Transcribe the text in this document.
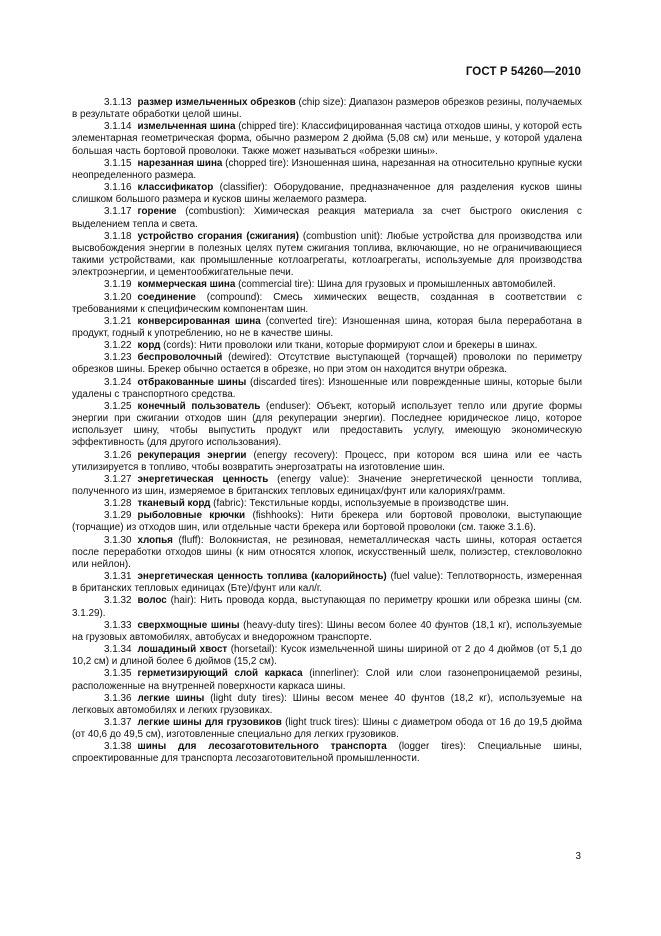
ГОСТ Р 54260—2010

3.1.13 размер измельченных обрезков (chip size): Диапазон размеров обрезков резины, получаемых в результате обработки целой шины.

3.1.14 измельченная шина (chipped tire): Классифицированная частица отходов шины, у которой есть элементарная геометрическая форма, обычно размером 2 дюйма (5,08 см) или меньше, у которой удалена большая часть бортовой проволоки. Также может называться «обрезки шины».

3.1.15 нарезанная шина (chopped tire): Изношенная шина, нарезанная на относительно крупные куски неопределенного размера.

3.1.16 классификатор (classifier): Оборудование, предназначенное для разделения кусков шины слишком большого размера и кусков шины желаемого размера.

3.1.17 горение (combustion): Химическая реакция материала за счет быстрого окисления с выделением тепла и света.

3.1.18 устройство сгорания (сжигания) (combustion unit): Любые устройства для производства или высвобождения энергии в полезных целях путем сжигания топлива, включающие, но не ограничивающиеся такими устройствами, как промышленные котлоагрегаты, котлоагрегаты, используемые для производства электроэнергии, и цементообжигательные печи.

3.1.19 коммерческая шина (commercial tire): Шина для грузовых и промышленных автомобилей.

3.1.20 соединение (compound): Смесь химических веществ, созданная в соответствии с требованиями к специфическим компонентам шин.

3.1.21 конверсированная шина (converted tire): Изношенная шина, которая была переработана в продукт, годный к употреблению, но не в качестве шины.

3.1.22 корд (cords): Нити проволоки или ткани, которые формируют слои и брекеры в шинах.

3.1.23 беспроволочный (dewired): Отсутствие выступающей (торчащей) проволоки по периметру обрезков шины. Брекер обычно остается в обрезке, но при этом он находится внутри обрезка.

3.1.24 отбракованные шины (discarded tires): Изношенные или поврежденные шины, которые были удалены с транспортного средства.

3.1.25 конечный пользователь (enduser): Объект, который использует тепло или другие формы энергии при сжигании отходов шин (для рекуперации энергии). Последнее юридическое лицо, которое использует шину, чтобы выпустить продукт или предоставить услугу, имеющую экономическую эффективность (для другого использования).

3.1.26 рекуперация энергии (energy recovery): Процесс, при котором вся шина или ее часть утилизируется в топливо, чтобы возвратить энергозатраты на изготовление шин.

3.1.27 энергетическая ценность (energy value): Значение энергетической ценности топлива, полученного из шин, измеряемое в британских тепловых единицах/фунт или калориях/грамм.

3.1.28 тканевый корд (fabric): Текстильные корды, используемые в производстве шин.

3.1.29 рыболовные крючки (fishhooks): Нити брекера или бортовой проволоки, выступающие (торчащие) из отходов шин, или отдельные части брекера или бортовой проволоки (см. также 3.1.6).

3.1.30 хлопья (fluff): Волокнистая, не резиновая, неметаллическая часть шины, которая остается после переработки отходов шины (к ним относятся хлопок, искусственный шелк, полиэстер, стекловолокно или нейлон).

3.1.31 энергетическая ценность топлива (калорийность) (fuel value): Теплотворность, измеренная в британских тепловых единицах (Бте)/фунт или кал/г.

3.1.32 волос (hair): Нить провода корда, выступающая по периметру крошки или обрезка шины (см. 3.1.29).

3.1.33 сверхмощные шины (heavy-duty tires): Шины весом более 40 фунтов (18,1 кг), используемые на грузовых автомобилях, автобусах и внедорожном транспорте.

3.1.34 лошадиный хвост (horsetail): Кусок измельченной шины шириной от 2 до 4 дюймов (от 5,1 до 10,2 см) и длиной более 6 дюймов (15,2 см).

3.1.35 герметизирующий слой каркаса (innerliner): Слой или слои газонепроницаемой резины, расположенные на внутренней поверхности каркаса шины.

3.1.36 легкие шины (light duty tires): Шины весом менее 40 фунтов (18,2 кг), используемые на легковых автомобилях и легких грузовиках.

3.1.37 легкие шины для грузовиков (light truck tires): Шины с диаметром обода от 16 до 19,5 дюйма (от 40,6 до 49,5 см), изготовленные специально для легких грузовиков.

3.1.38 шины для лесозаготовительного транспорта (logger tires): Специальные шины, спроектированные для транспорта лесозаготовительной промышленности.

3
